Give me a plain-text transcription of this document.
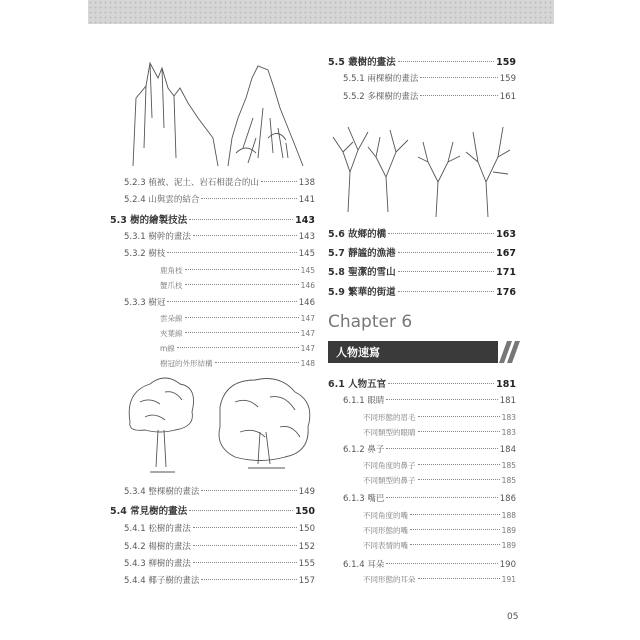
5.2.3 植被、泥土、岩石相混合的山	138
5.2.4 山與雲的結合	141
5.3 樹的繪製技法	143
5.3.1 樹幹的畫法	143
5.3.2 樹枝	145
鹿角枝	145
蟹爪枝	146
5.3.3 樹冠	146
雲朵線	147
夾葉線	147
m線	147
樹冠的外形結構	148
5.3.4 整棵樹的畫法	149
5.4 常見樹的畫法	150
5.4.1 松樹的畫法	150
5.4.2 楊樹的畫法	152
5.4.3 柳樹的畫法	155
5.4.4 椰子樹的畫法	157
5.5 叢樹的畫法	159
5.5.1 兩棵樹的畫法	159
5.5.2 多棵樹的畫法	161
5.6 故鄉的橋	163
5.7 靜謐的漁港	167
5.8 聖潔的雪山	171
5.9 繁華的街道	176
6.1 人物五官	181
6.1.1 眼睛	181
不同形態的眉毛	183
不同類型的眼睛	183
6.1.2 鼻子	184
不同角度的鼻子	185
不同類型的鼻子	185
6.1.3 嘴巴	186
不同角度的嘴	188
不同形態的嘴	189
不同表情的嘴	189
6.1.4 耳朵	190
不同形態的耳朵	191
Chapter 6
人物速寫
05
